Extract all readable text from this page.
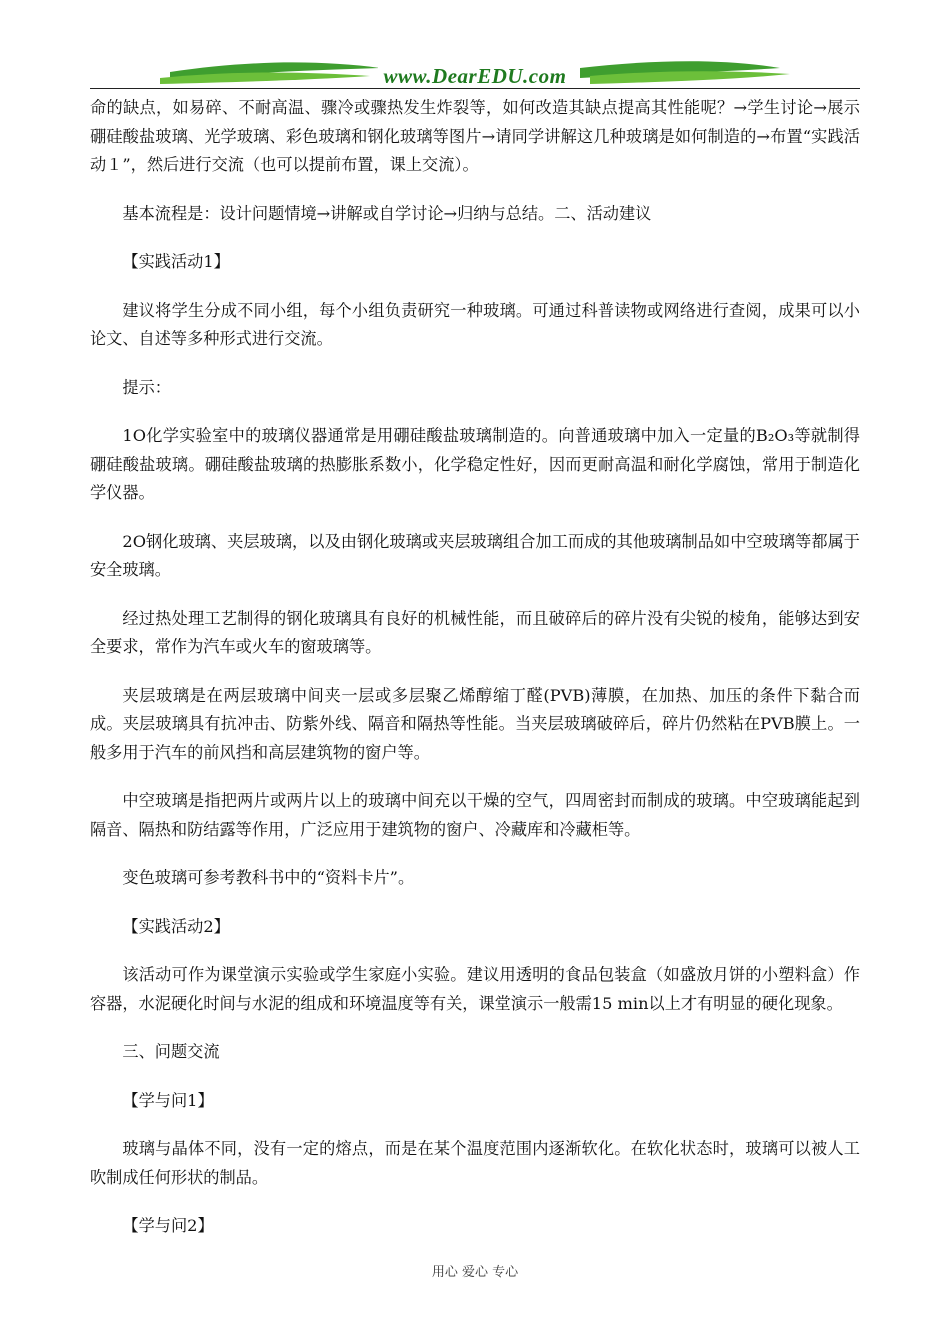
www.DearEDU.com

命的缺点，如易碎、不耐高温、骤冷或骤热发生炸裂等，如何改造其缺点提高其性能呢？→学生讨论→展示硼硅酸盐玻璃、光学玻璃、彩色玻璃和钢化玻璃等图片→请同学讲解这几种玻璃是如何制造的→布置“实践活动１”，然后进行交流（也可以提前布置，课上交流）。

基本流程是：设计问题情境→讲解或自学讨论→归纳与总结。二、活动建议

【实践活动1】

建议将学生分成不同小组，每个小组负责研究一种玻璃。可通过科普读物或网络进行查阅，成果可以小论文、自述等多种形式进行交流。

提示：

1O化学实验室中的玻璃仪器通常是用硼硅酸盐玻璃制造的。向普通玻璃中加入一定量的B₂O₃等就制得硼硅酸盐玻璃。硼硅酸盐玻璃的热膨胀系数小，化学稳定性好，因而更耐高温和耐化学腐蚀，常用于制造化学仪器。

2O钢化玻璃、夹层玻璃，以及由钢化玻璃或夹层玻璃组合加工而成的其他玻璃制品如中空玻璃等都属于安全玻璃。

经过热处理工艺制得的钢化玻璃具有良好的机械性能，而且破碎后的碎片没有尖锐的棱角，能够达到安全要求，常作为汽车或火车的窗玻璃等。

夹层玻璃是在两层玻璃中间夹一层或多层聚乙烯醇缩丁醛(PVB)薄膜，在加热、加压的条件下黏合而成。夹层玻璃具有抗冲击、防紫外线、隔音和隔热等性能。当夹层玻璃破碎后，碎片仍然粘在PVB膜上。一般多用于汽车的前风挡和高层建筑物的窗户等。

中空玻璃是指把两片或两片以上的玻璃中间充以干燥的空气，四周密封而制成的玻璃。中空玻璃能起到隔音、隔热和防结露等作用，广泛应用于建筑物的窗户、冷藏库和冷藏柜等。

变色玻璃可参考教科书中的“资料卡片”。

【实践活动2】

该活动可作为课堂演示实验或学生家庭小实验。建议用透明的食品包装盒（如盛放月饼的小塑料盒）作容器，水泥硬化时间与水泥的组成和环境温度等有关，课堂演示一般需15 min以上才有明显的硬化现象。

三、问题交流

【学与问1】

玻璃与晶体不同，没有一定的熔点，而是在某个温度范围内逐渐软化。在软化状态时，玻璃可以被人工吹制成任何形状的制品。

【学与问2】

用心 爱心 专心
